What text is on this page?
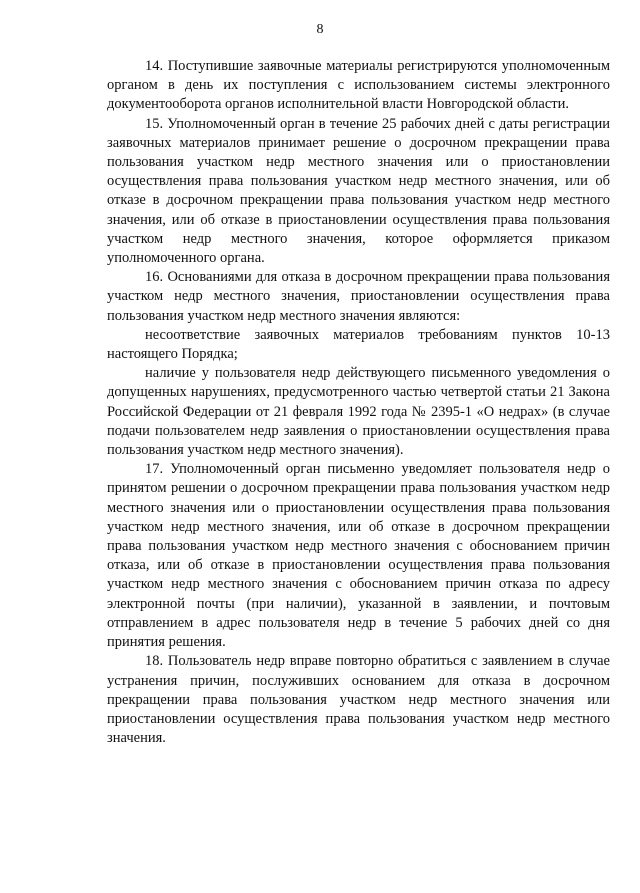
8

14. Поступившие заявочные материалы регистрируются уполномоченным органом в день их поступления с использованием системы электронного документооборота органов исполнительной власти Новгородской области.

15. Уполномоченный орган в течение 25 рабочих дней с даты регистрации заявочных материалов принимает решение о досрочном прекращении права пользования участком недр местного значения или о приостановлении осуществления права пользования участком недр местного значения, или об отказе в досрочном прекращении права пользования участком недр местного значения, или об отказе в приостановлении осуществления права пользования участком недр местного значения, которое оформляется приказом уполномоченного органа.

16. Основаниями для отказа в досрочном прекращении права пользования участком недр местного значения, приостановлении осуществления права пользования участком недр местного значения являются:

несоответствие заявочных материалов требованиям пунктов 10-13 настоящего Порядка;

наличие у пользователя недр действующего письменного уведомления о допущенных нарушениях, предусмотренного частью четвертой статьи 21 Закона Российской Федерации от 21 февраля 1992 года № 2395-1 «О недрах» (в случае подачи пользователем недр заявления о приостановлении осуществления права пользования участком недр местного значения).

17. Уполномоченный орган письменно уведомляет пользователя недр о принятом решении о досрочном прекращении права пользования участком недр местного значения или о приостановлении осуществления права пользования участком недр местного значения, или об отказе в досрочном прекращении права пользования участком недр местного значения с обоснованием причин отказа, или об отказе в приостановлении осуществления права пользования участком недр местного значения с обоснованием причин отказа по адресу электронной почты (при наличии), указанной в заявлении, и почтовым отправлением в адрес пользователя недр в течение 5 рабочих дней со дня принятия решения.

18. Пользователь недр вправе повторно обратиться с заявлением в случае устранения причин, послуживших основанием для отказа в досрочном прекращении права пользования участком недр местного значения или приостановлении осуществления права пользования участком недр местного значения.
